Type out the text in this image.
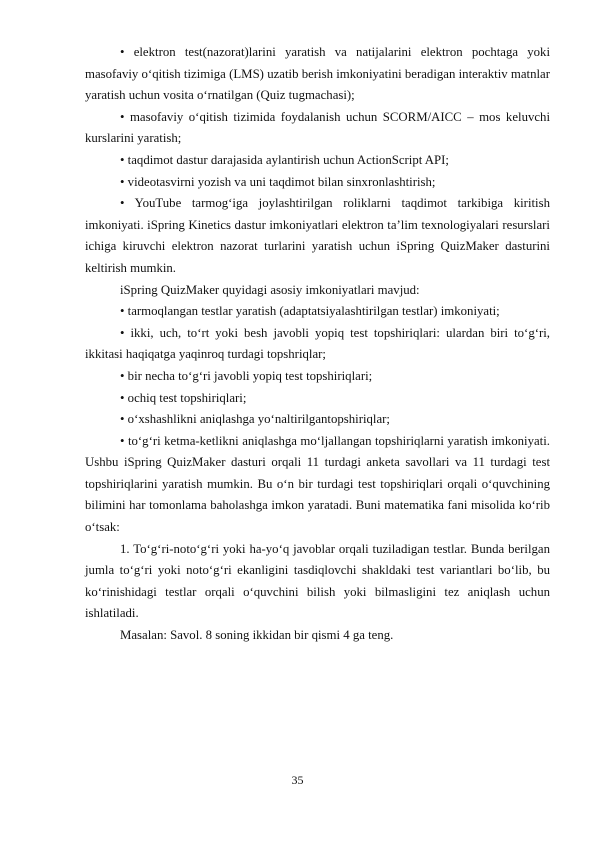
• elektron test(nazorat)larini yaratish va natijalarini elektron pochtaga yoki masofaviy o‘qitish tizimiga (LMS) uzatib berish imkoniyatini beradigan interaktiv matnlar yaratish uchun vosita o‘rnatilgan (Quiz tugmachasi);

• masofaviy o‘qitish tizimida foydalanish uchun SCORM/AICC – mos keluvchi kurslarini yaratish;

• taqdimot dastur darajasida aylantirish uchun ActionScript API;

• videotasvirni yozish va uni taqdimot bilan sinxronlashtirish;

• YouTube tarmog‘iga joylashtirilgan roliklarni taqdimot tarkibiga kiritish imkoniyati. iSpring Kinetics dastur imkoniyatlari elektron ta’lim texnologiyalari resurslari ichiga kiruvchi elektron nazorat turlarini yaratish uchun iSpring QuizMaker dasturini keltirish mumkin.

iSpring QuizMaker quyidagi asosiy imkoniyatlari mavjud:

• tarmoqlangan testlar yaratish (adaptatsiyalashtirilgan testlar) imkoniyati;

• ikki, uch, to‘rt yoki besh javobli yopiq test topshiriqlari: ulardan biri to‘g‘ri, ikkitasi haqiqatga yaqinroq turdagi topshriqlar;

• bir necha to‘g‘ri javobli yopiq test topshiriqlari;

• ochiq test topshiriqlari;

• o‘xshashlikni aniqlashga yo‘naltirilgantopshiriqlar;

• to‘g‘ri ketma-ketlikni aniqlashga mo‘ljallangan topshiriqlarni yaratish imkoniyati. Ushbu iSpring QuizMaker dasturi orqali 11 turdagi anketa savollari va 11 turdagi test topshiriqlarini yaratish mumkin. Bu o‘n bir turdagi test topshiriqlari orqali o‘quvchining bilimini har tomonlama baholashga imkon yaratadi. Buni matematika fani misolida ko‘rib o‘tsak:

1. To‘g‘ri-noto‘g‘ri yoki ha-yo‘q javoblar orqali tuziladigan testlar. Bunda berilgan jumla to‘g‘ri yoki noto‘g‘ri ekanligini tasdiqlovchi shakldaki test variantlari bo‘lib, bu ko‘rinishidagi testlar orqali o‘quvchini bilish yoki bilmasligini tez aniqlash uchun ishlatiladi.

Masalan: Savol. 8 soning ikkidan bir qismi 4 ga teng.

35
